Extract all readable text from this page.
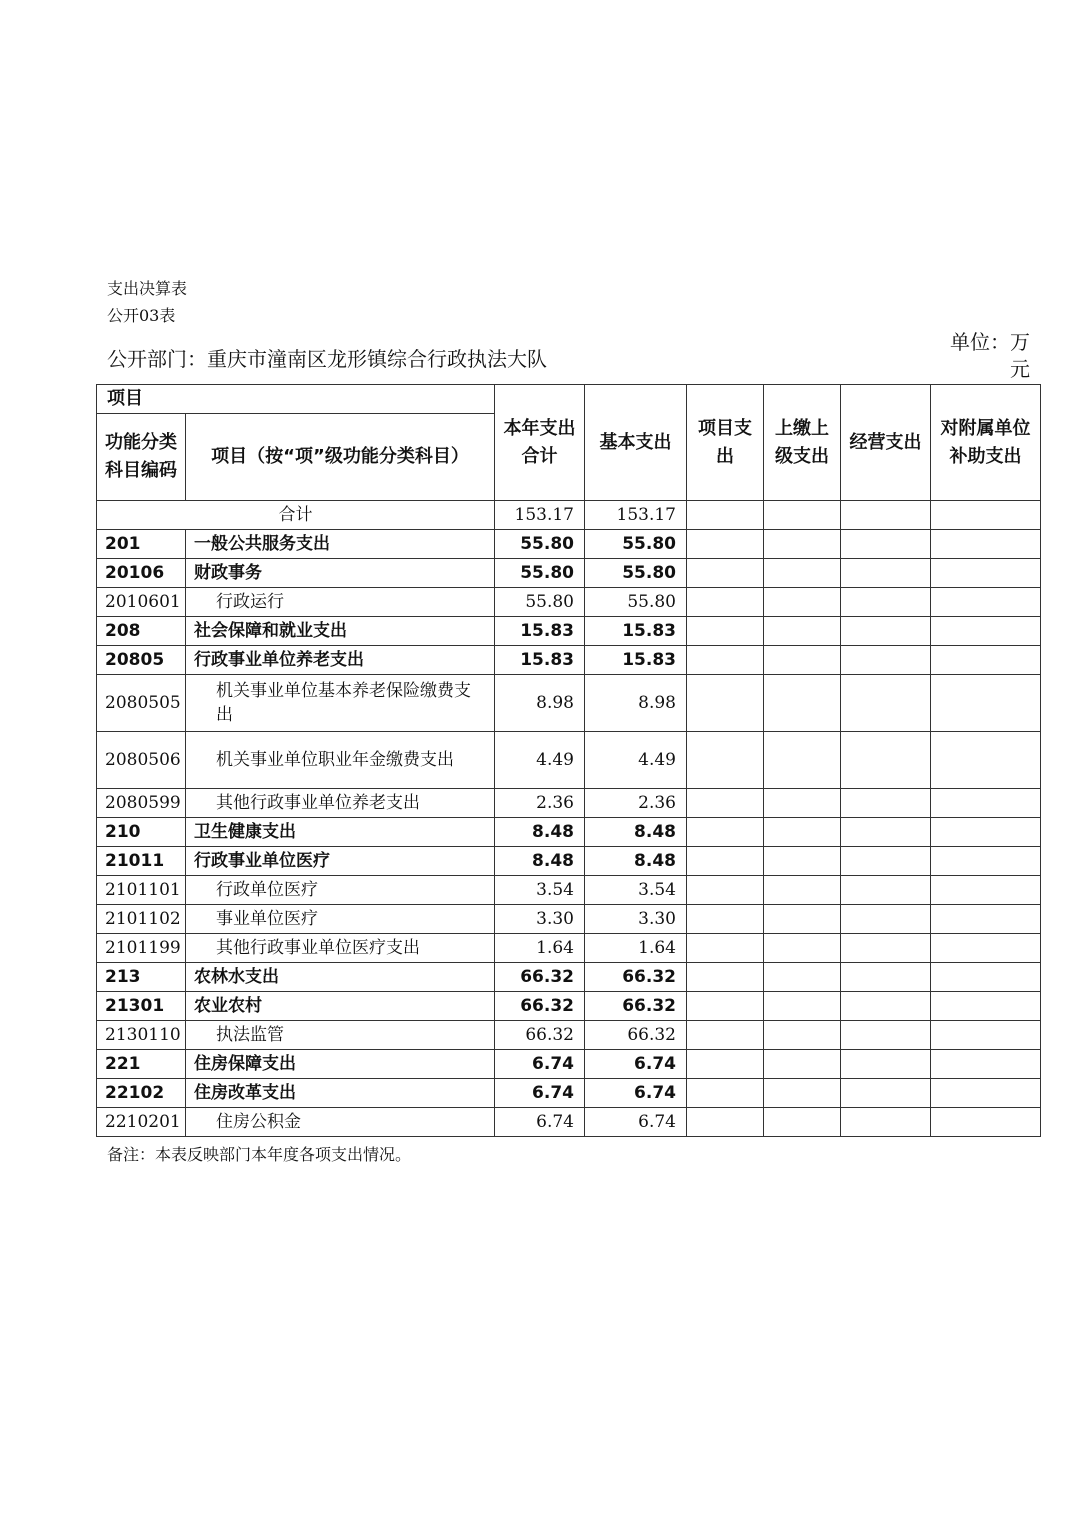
支出决算表
公开03表
公开部门：重庆市潼南区龙形镇综合行政执法大队
单位：万
元
项目		本年支出合计	基本支出	项目支出	上缴上级支出	经营支出	对附属单位补助支出
功能分类科目编码	项目（按“项”级功能分类科目）						
合计		153.17	153.17				
201	一般公共服务支出	55.80	55.80				
20106	财政事务	55.80	55.80				
2010601	行政运行	55.80	55.80				
208	社会保障和就业支出	15.83	15.83				
20805	行政事业单位养老支出	15.83	15.83				
2080505	机关事业单位基本养老保险缴费支出	8.98	8.98				
2080506	机关事业单位职业年金缴费支出	4.49	4.49				
2080599	其他行政事业单位养老支出	2.36	2.36				
210	卫生健康支出	8.48	8.48				
21011	行政事业单位医疗	8.48	8.48				
2101101	行政单位医疗	3.54	3.54				
2101102	事业单位医疗	3.30	3.30				
2101199	其他行政事业单位医疗支出	1.64	1.64				
213	农林水支出	66.32	66.32				
21301	农业农村	66.32	66.32				
2130110	执法监管	66.32	66.32				
221	住房保障支出	6.74	6.74				
22102	住房改革支出	6.74	6.74				
2210201	住房公积金	6.74	6.74				
备注：本表反映部门本年度各项支出情况。
